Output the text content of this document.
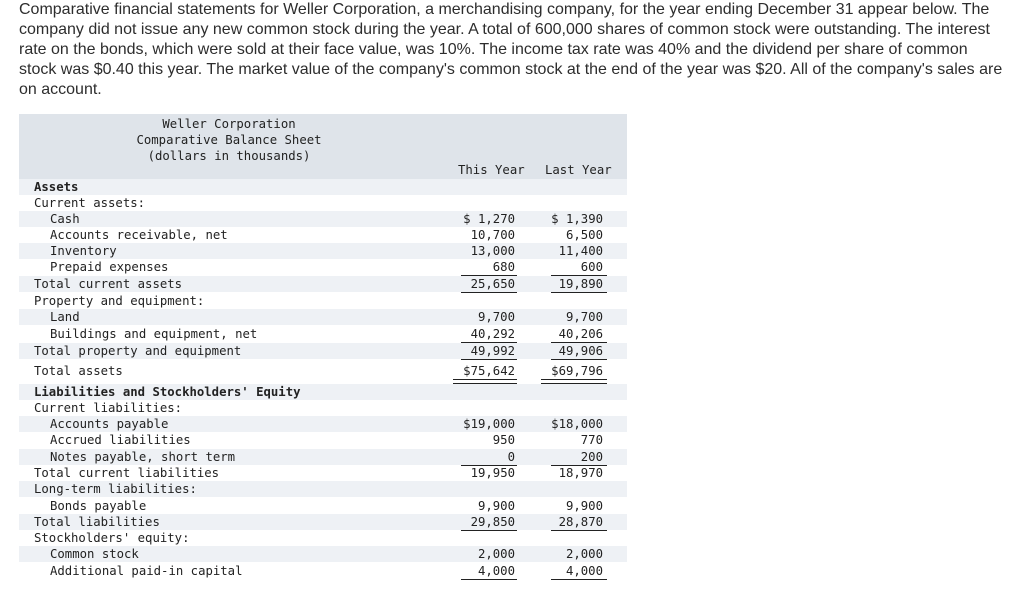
Comparative financial statements for Weller Corporation, a merchandising company, for the year ending December 31 appear below. The company did not issue any new common stock during the year. A total of 600,000 shares of common stock were outstanding. The interest rate on the bonds, which were sold at their face value, was 10%. The income tax rate was 40% and the dividend per share of common stock was $0.40 this year. The market value of the company's common stock at the end of the year was $20. All of the company's sales are on account.

Weller Corporation
Comparative Balance Sheet
(dollars in thousands)
This Year Last Year
Assets
Current assets:
Cash	$ 1,270	$ 1,390
Accounts receivable, net	10,700	6,500
Inventory	13,000	11,400
Prepaid expenses	680	600
Total current assets	25,650	19,890
Property and equipment:
Land	9,700	9,700
Buildings and equipment, net	40,292	40,206
Total property and equipment	49,992	49,906
Total assets	$75,642	$69,796
Liabilities and Stockholders' Equity
Current liabilities:
Accounts payable	$19,000	$18,000
Accrued liabilities	950	770
Notes payable, short term	0	200
Total current liabilities	19,950	18,970
Long-term liabilities:
Bonds payable	9,900	9,900
Total liabilities	29,850	28,870
Stockholders' equity:
Common stock	2,000	2,000
Additional paid-in capital	4,000	4,000
